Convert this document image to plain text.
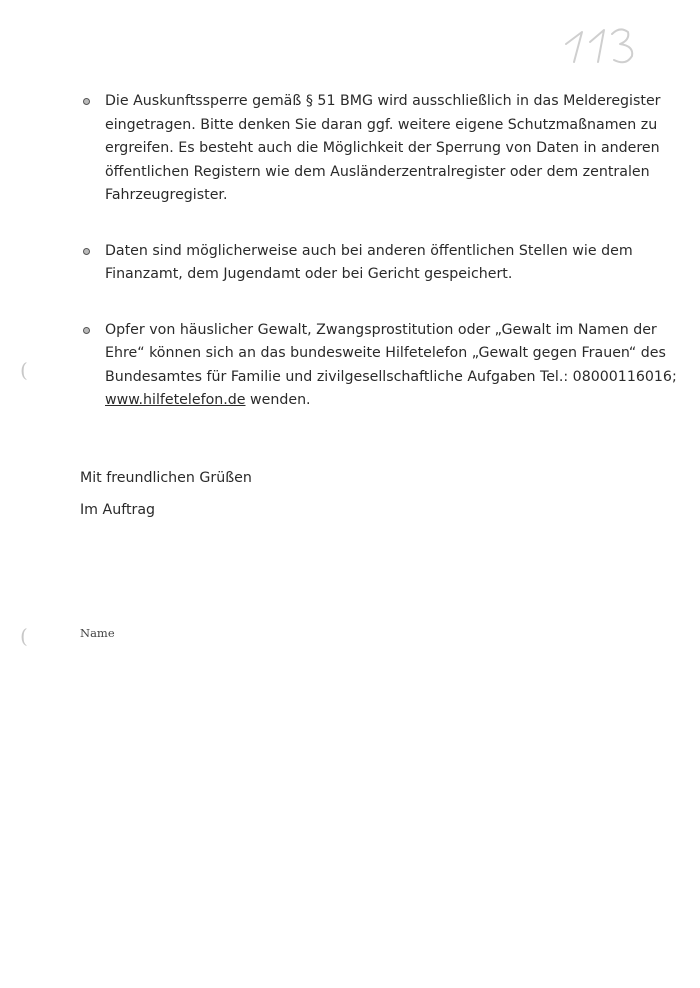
(
(
Die Auskunftssperre gemäß § 51 BMG wird ausschließlich in das Melderegister eingetragen. Bitte denken Sie daran ggf. weitere eigene Schutzmaßnamen zu ergreifen. Es besteht auch die Möglichkeit der Sperrung von Daten in anderen öffentlichen Registern wie dem Ausländerzentralregister oder dem zentralen Fahrzeugregister.
Daten sind möglicherweise auch bei anderen öffentlichen Stellen wie dem Finanzamt, dem Jugendamt oder bei Gericht gespeichert.
Opfer von häuslicher Gewalt, Zwangsprostitution oder „Gewalt im Namen der Ehre“ können sich an das bundesweite Hilfetelefon „Gewalt gegen Frauen“ des Bundesamtes für Familie und zivilgesellschaftliche Aufgaben Tel.: 08000116016;
www.hilfetelefon.de wenden.

Mit freundlichen Grüßen

Im Auftrag

Name
